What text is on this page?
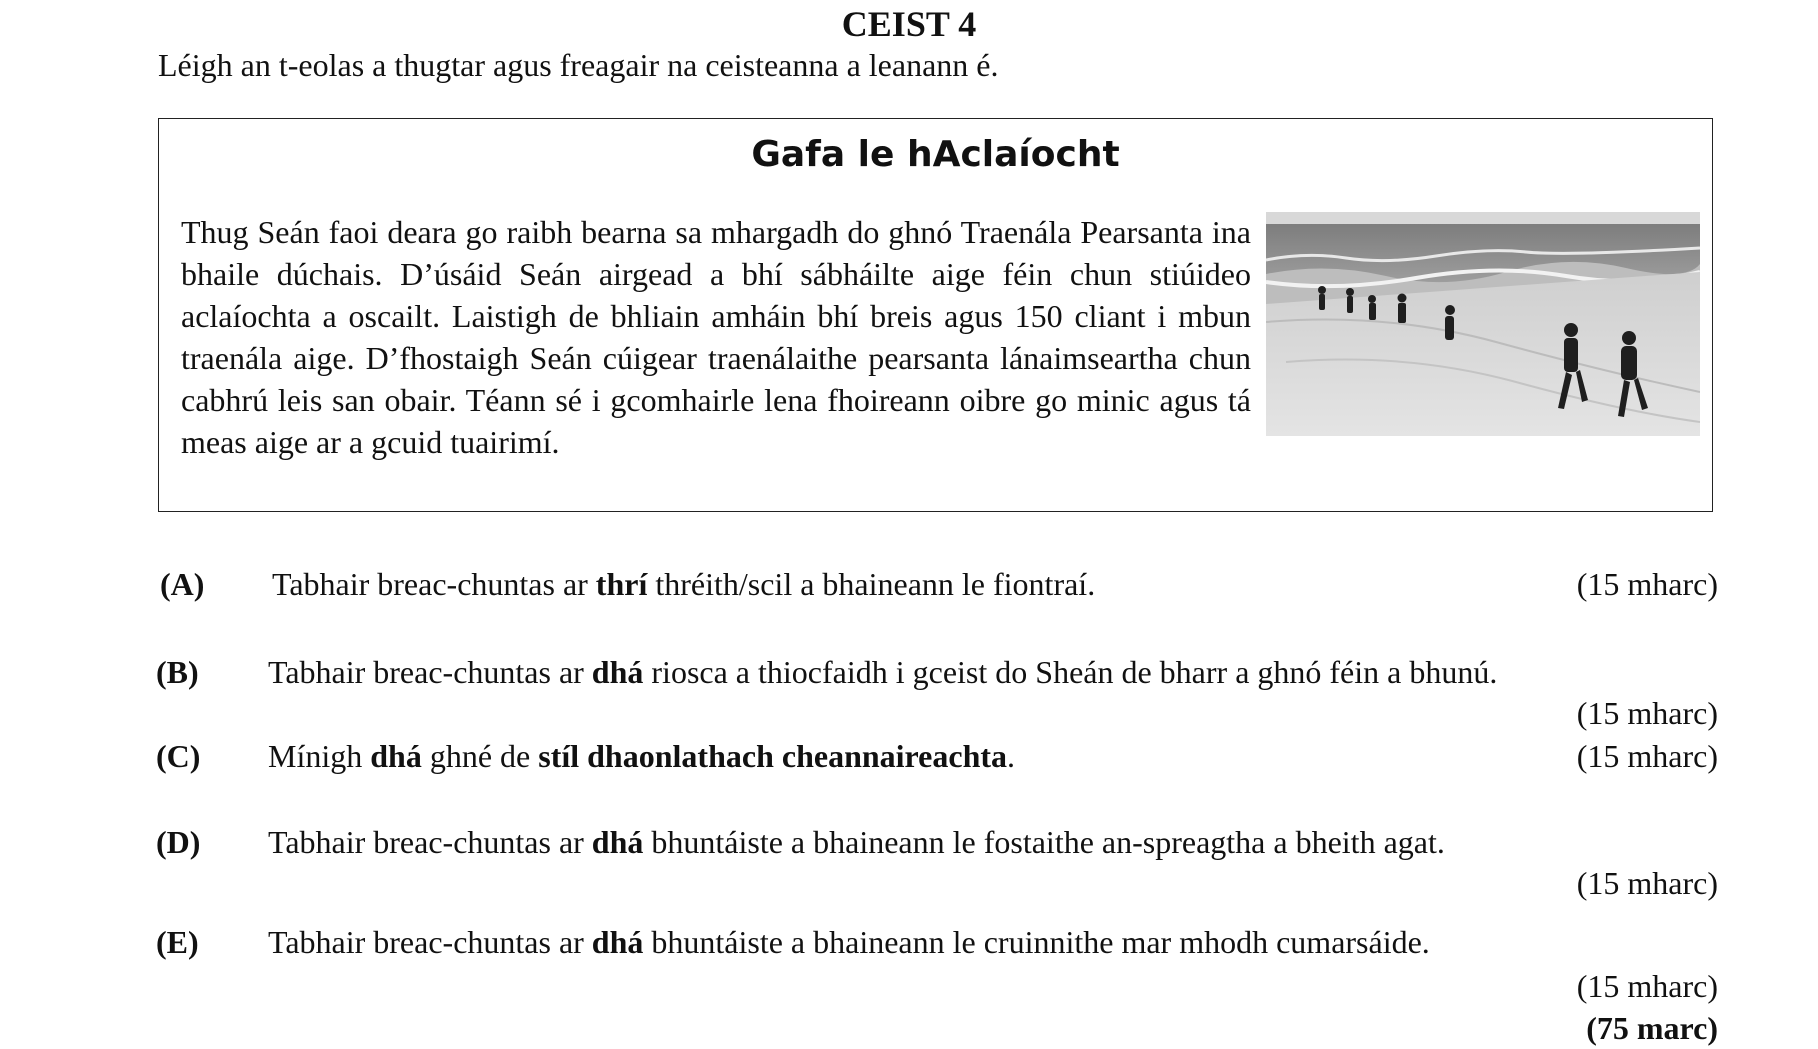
CEIST 4
Léigh an t-eolas a thugtar agus freagair na ceisteanna a leanann é.
Gafa le hAclaíocht
Thug Seán faoi deara go raibh bearna sa mhargadh do ghnó Traenála Pearsanta ina bhaile dúchais. D’úsáid Seán airgead a bhí sábháilte aige féin chun stiúideo aclaíochta a oscailt. Laistigh de bhliain amháin bhí breis agus 150 cliant i mbun traenála aige. D’fhostaigh Seán cúigear traenálaithe pearsanta lánaimseartha chun cabhrú leis san obair. Téann sé i gcomhairle lena fhoireann oibre go minic agus tá meas aige ar a gcuid tuairimí.
(A) Tabhair breac-chuntas ar thrí thréith/scil a bhaineann le fiontraí.	(15 mharc)
(B) Tabhair breac-chuntas ar dhá riosca a thiocfaidh i gceist do Sheán de bharr a ghnó féin a bhunú.
(15 mharc)
(C) Mínigh dhá ghné de stíl dhaonlathach cheannaireachta.	(15 mharc)
(D) Tabhair breac-chuntas ar dhá bhuntáiste a bhaineann le fostaithe an-spreagtha a bheith agat.
(15 mharc)
(E) Tabhair breac-chuntas ar dhá bhuntáiste a bhaineann le cruinnithe mar mhodh cumarsáide.
(15 mharc)
(75 marc)
